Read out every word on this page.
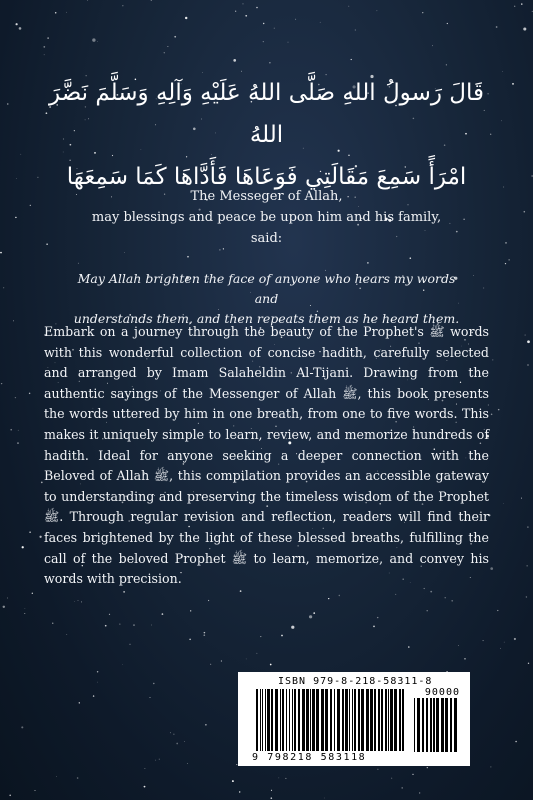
قَالَ رَسولُ اللهِ صَلَّى اللهُ عَلَيْهِ وَآلِهِ وَسَلَّمَ نَضَّرَ اللهُ
امْرَأً سَمِعَ مَقَالَتِي فَوَعَاهَا فَأَدَّاهَا كَمَا سَمِعَهَا
The Messeger of Allah,
may blessings and peace be upon him and his family,
said:
May Allah brighten the face of anyone who hears my words and
understands them, and then repeats them as he heard them.
Embark on a journey through the beauty of the Prophet's ﷺ words with this wonderful collection of concise hadith, carefully selected and arranged by Imam Salaheldin Al-Tijani. Drawing from the authentic sayings of the Messenger of Allah ﷺ, this book presents the words uttered by him in one breath, from one to five words. This makes it uniquely simple to learn, review, and memorize hundreds of hadith. Ideal for anyone seeking a deeper connection with the Beloved of Allah ﷺ, this compilation provides an accessible gateway to understanding and preserving the timeless wisdom of the Prophet ﷺ. Through regular revision and reflection, readers will find their faces brightened by the light of these blessed breaths, fulfilling the call of the beloved Prophet ﷺ to learn, memorize, and convey his words with precision.
ISBN 979-8-218-58311-8
90000
9 798218 583118
